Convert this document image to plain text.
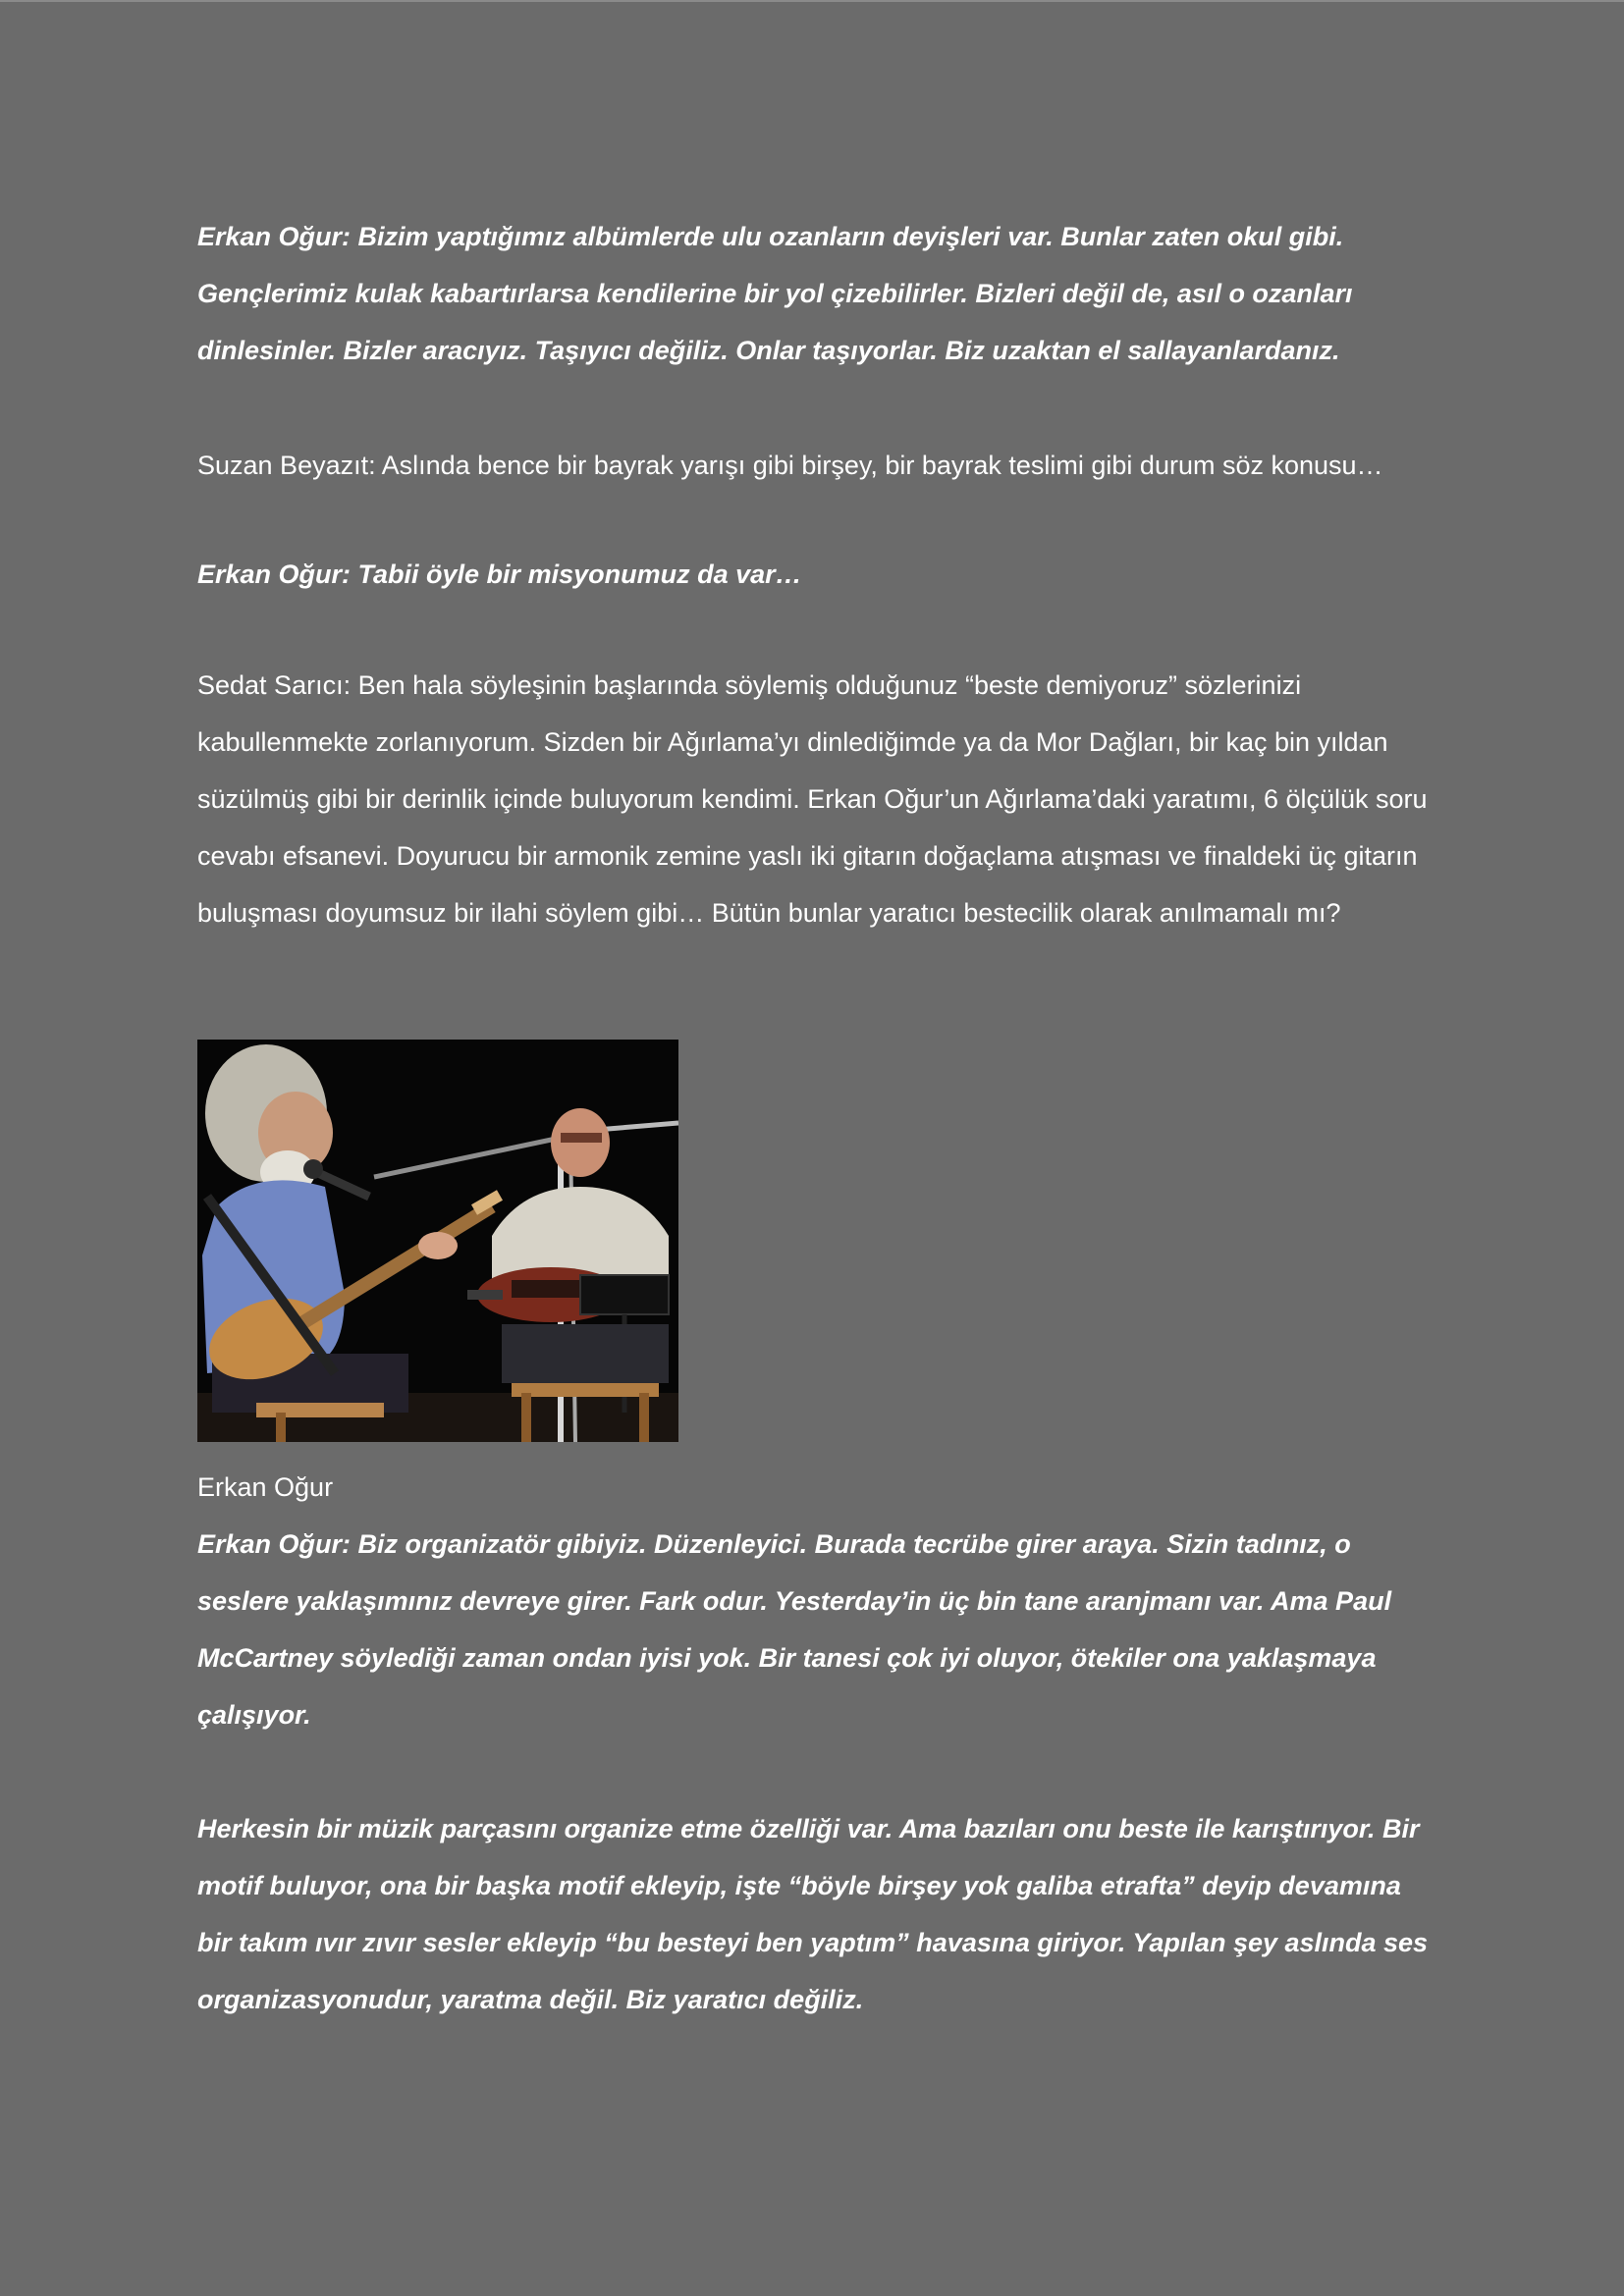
Erkan Oğur: Bizim yaptığımız albümlerde ulu ozanların deyişleri var. Bunlar zaten okul gibi. Gençlerimiz kulak kabartırlarsa kendilerine bir yol çizebilirler. Bizleri değil de, asıl o ozanları dinlesinler. Bizler aracıyız. Taşıyıcı değiliz. Onlar taşıyorlar. Biz uzaktan el sallayanlardanız.

Suzan Beyazıt: Aslında bence bir bayrak yarışı gibi birşey, bir bayrak teslimi gibi durum söz konusu…

Erkan Oğur: Tabii öyle bir misyonumuz da var…

Sedat Sarıcı: Ben hala söyleşinin başlarında söylemiş olduğunuz “beste demiyoruz” sözlerinizi kabullenmekte zorlanıyorum. Sizden bir Ağırlama’yı dinlediğimde ya da Mor Dağları, bir kaç bin yıldan süzülmüş gibi bir derinlik içinde buluyorum kendimi. Erkan Oğur’un Ağırlama’daki yaratımı, 6 ölçülük soru cevabı efsanevi. Doyurucu bir armonik zemine yaslı iki gitarın doğaçlama atışması ve finaldeki üç gitarın buluşması doyumsuz bir ilahi söylem gibi… Bütün bunlar yaratıcı bestecilik olarak anılmamalı mı?

Erkan Oğur

Erkan Oğur: Biz organizatör gibiyiz. Düzenleyici. Burada tecrübe girer araya. Sizin tadınız, o seslere yaklaşımınız devreye girer. Fark odur. Yesterday’in üç bin tane aranjmanı var. Ama Paul McCartney söylediği zaman ondan iyisi yok. Bir tanesi çok iyi oluyor, ötekiler ona yaklaşmaya çalışıyor.

Herkesin bir müzik parçasını organize etme özelliği var. Ama bazıları onu beste ile karıştırıyor. Bir motif buluyor, ona bir başka motif ekleyip, işte “böyle birşey yok galiba etrafta” deyip devamına bir takım ıvır zıvır sesler ekleyip “bu besteyi ben yaptım” havasına giriyor. Yapılan şey aslında ses organizasyonudur, yaratma değil. Biz yaratıcı değiliz.
